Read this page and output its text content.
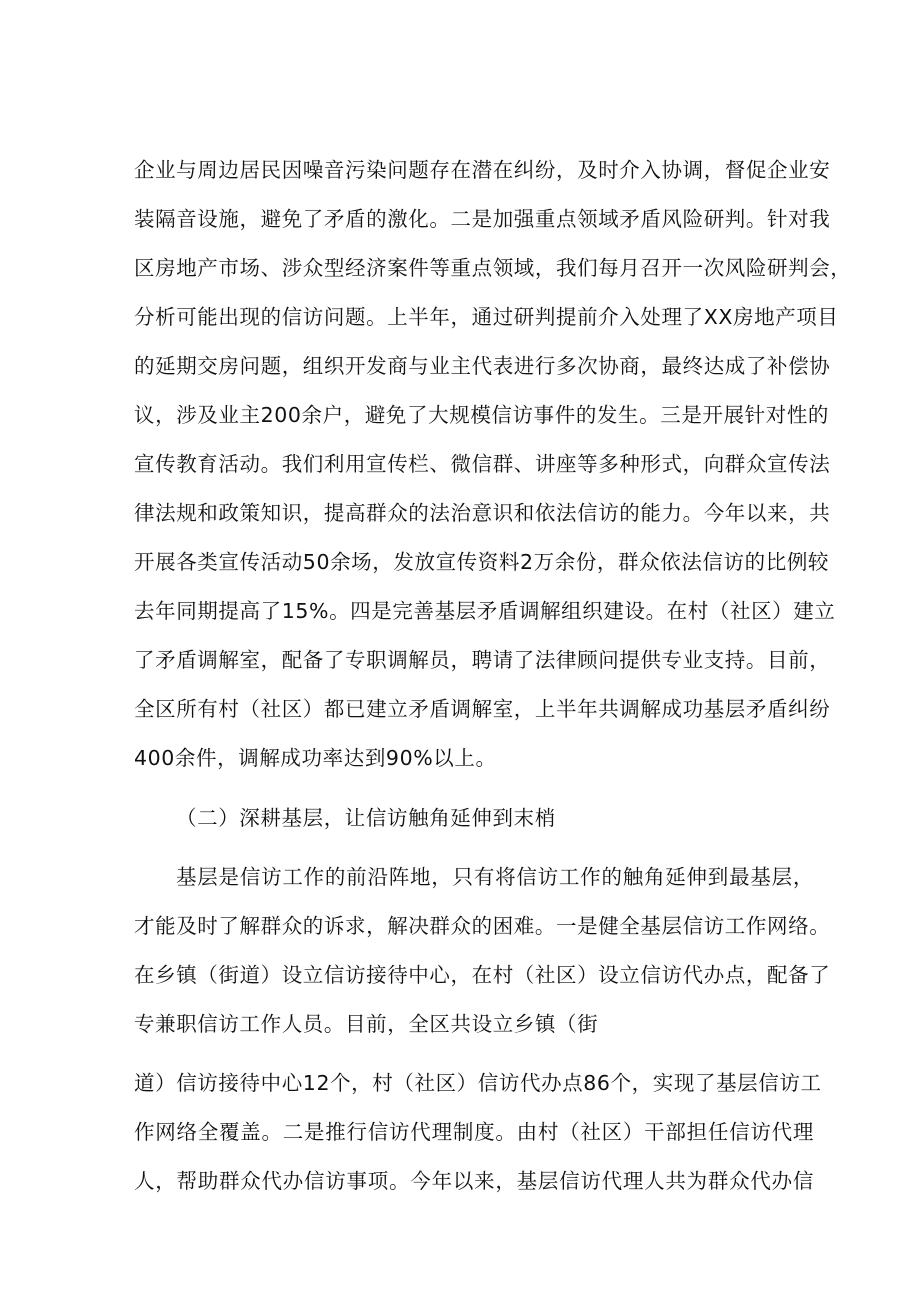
企业与周边居民因噪音污染问题存在潜在纠纷，及时介入协调，督促企业安
装隔音设施，避免了矛盾的激化。二是加强重点领域矛盾风险研判。针对我
区房地产市场、涉众型经济案件等重点领域，我们每月召开一次风险研判会，
分析可能出现的信访问题。上半年，通过研判提前介入处理了XX房地产项目
的延期交房问题，组织开发商与业主代表进行多次协商，最终达成了补偿协
议，涉及业主200余户，避免了大规模信访事件的发生。三是开展针对性的
宣传教育活动。我们利用宣传栏、微信群、讲座等多种形式，向群众宣传法
律法规和政策知识，提高群众的法治意识和依法信访的能力。今年以来，共
开展各类宣传活动50余场，发放宣传资料2万余份，群众依法信访的比例较
去年同期提高了15%。四是完善基层矛盾调解组织建设。在村（社区）建立
了矛盾调解室，配备了专职调解员，聘请了法律顾问提供专业支持。目前，
全区所有村（社区）都已建立矛盾调解室，上半年共调解成功基层矛盾纠纷
400余件，调解成功率达到90%以上。
（二）深耕基层，让信访触角延伸到末梢
基层是信访工作的前沿阵地，只有将信访工作的触角延伸到最基层，
才能及时了解群众的诉求，解决群众的困难。一是健全基层信访工作网络。
在乡镇（街道）设立信访接待中心，在村（社区）设立信访代办点，配备了
专兼职信访工作人员。目前，全区共设立乡镇（街
道）信访接待中心12个，村（社区）信访代办点86个，实现了基层信访工
作网络全覆盖。二是推行信访代理制度。由村（社区）干部担任信访代理
人，帮助群众代办信访事项。今年以来，基层信访代理人共为群众代办信
